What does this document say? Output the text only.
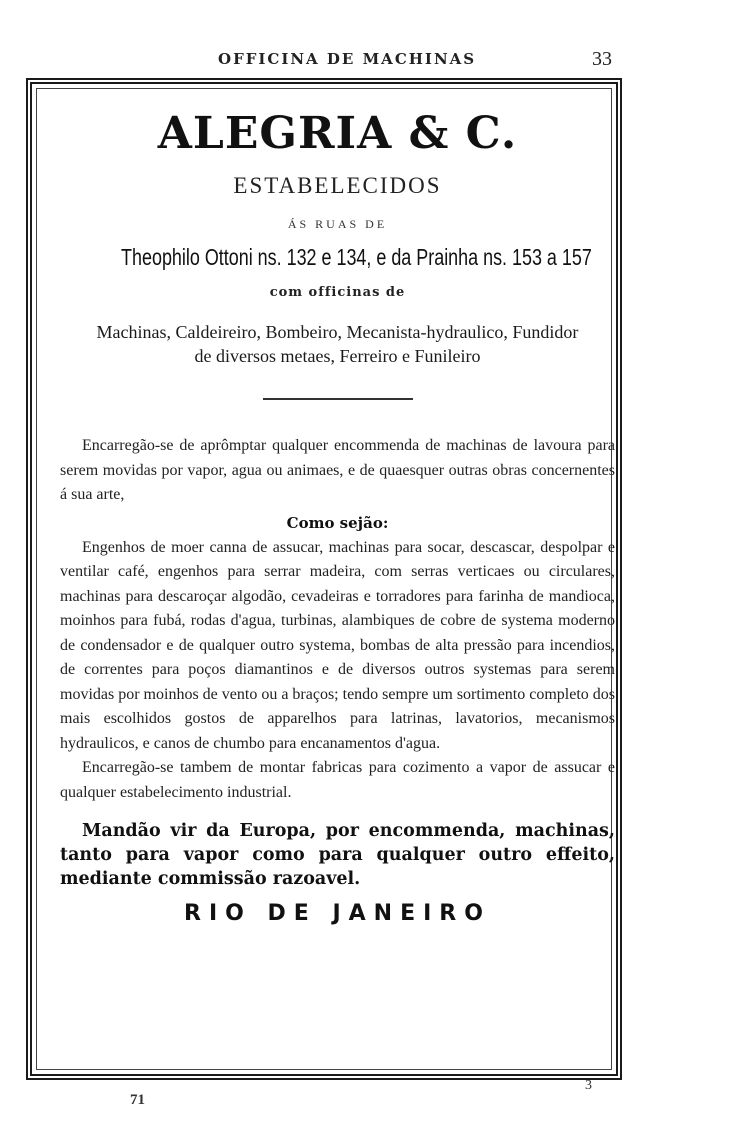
OFFICINA DE MACHINAS	33
ALEGRIA & C.
ESTABELECIDOS
ÁS RUAS DE
Theophilo Ottoni ns. 132 e 134, e da Prainha ns. 153 a 157
com officinas de
Machinas, Caldeireiro, Bombeiro, Mecanista-hydraulico, Fundidor
de diversos metaes, Ferreiro e Funileiro

Encarregão-se de aprômptar qualquer encommenda de machinas de lavoura para serem movidas por vapor, agua ou animaes, e de quaesquer outras obras concernentes á sua arte,

Como sejão:

Engenhos de moer canna de assucar, machinas para socar, descascar, despolpar e ventilar café, engenhos para serrar madeira, com serras verticaes ou circulares, machinas para descaroçar algodão, cevadeiras e torradores para farinha de mandioca, moinhos para fubá, rodas d'agua, turbinas, alambiques de cobre de systema moderno de condensador e de qualquer outro systema, bombas de alta pressão para incendios, de correntes para poços diamantinos e de diversos outros systemas para serem movidas por moinhos de vento ou a braços; tendo sempre um sortimento completo dos mais escolhidos gostos de apparelhos para latrinas, lavatorios, mecanismos hydraulicos, e canos de chumbo para encanamentos d'agua.

Encarregão-se tambem de montar fabricas para cozimento a vapor de assucar e qualquer estabelecimento industrial.

Mandão vir da Europa, por encommenda, machinas, tanto para vapor como para qualquer outro effeito, mediante commissão razoavel.

RIO DE JANEIRO
71
3
